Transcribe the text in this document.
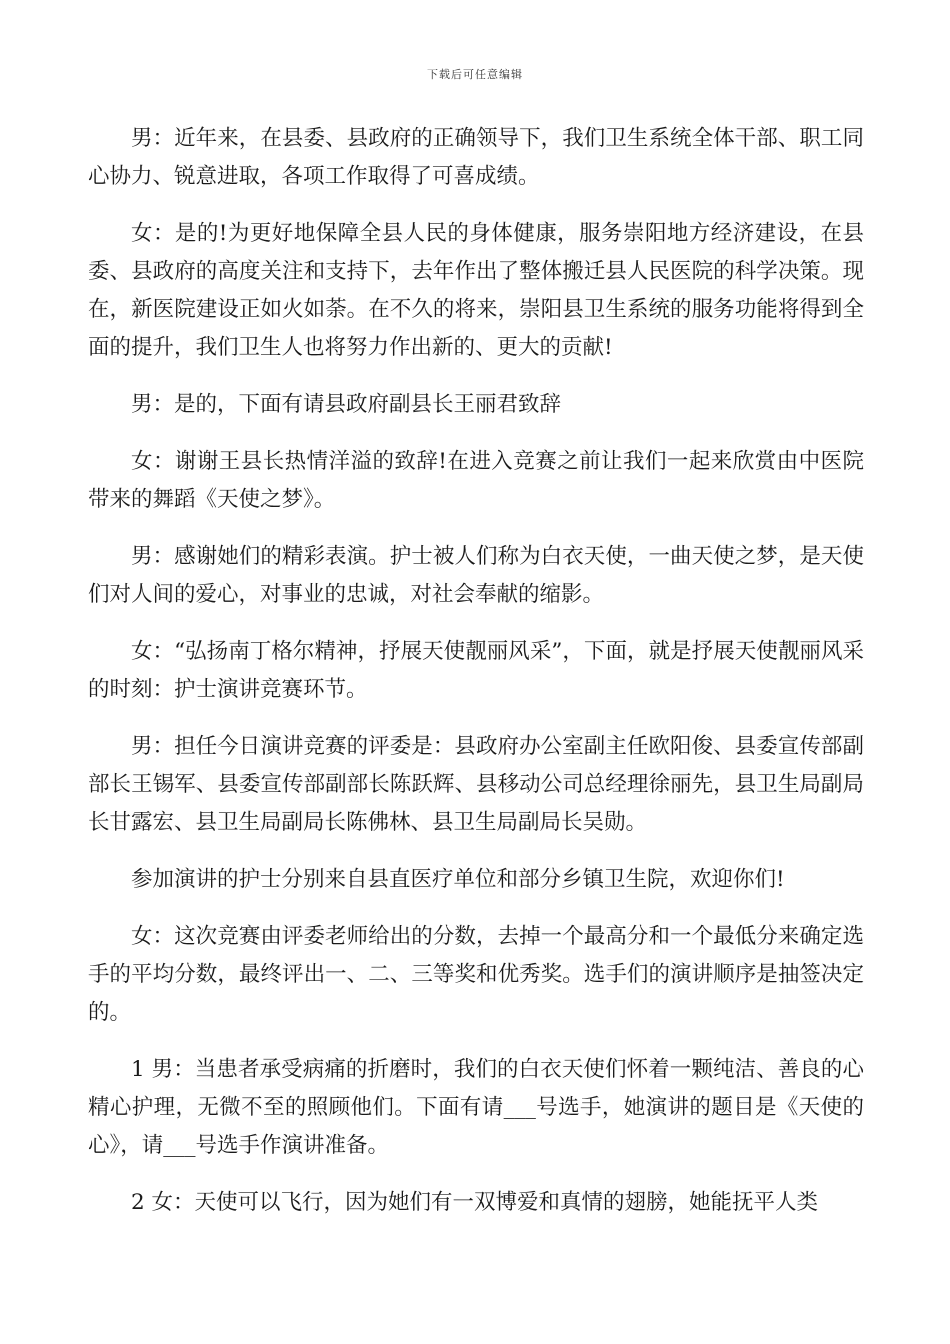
下载后可任意编辑

男：近年来，在县委、县政府的正确领导下，我们卫生系统全体干部、职工同心协力、锐意进取，各项工作取得了可喜成绩。

女：是的!为更好地保障全县人民的身体健康，服务崇阳地方经济建设，在县委、县政府的高度关注和支持下，去年作出了整体搬迁县人民医院的科学决策。现在，新医院建设正如火如荼。在不久的将来，崇阳县卫生系统的服务功能将得到全面的提升，我们卫生人也将努力作出新的、更大的贡献!

男：是的，下面有请县政府副县长王丽君致辞

女：谢谢王县长热情洋溢的致辞!在进入竞赛之前让我们一起来欣赏由中医院带来的舞蹈《天使之梦》。

男：感谢她们的精彩表演。护士被人们称为白衣天使，一曲天使之梦，是天使们对人间的爱心，对事业的忠诚，对社会奉献的缩影。

女：“弘扬南丁格尔精神，抒展天使靓丽风采”，下面，就是抒展天使靓丽风采的时刻：护士演讲竞赛环节。

男：担任今日演讲竞赛的评委是：县政府办公室副主任欧阳俊、县委宣传部副部长王锡军、县委宣传部副部长陈跃辉、县移动公司总经理徐丽先，县卫生局副局长甘露宏、县卫生局副局长陈佛林、县卫生局副局长吴勋。

参加演讲的护士分别来自县直医疗单位和部分乡镇卫生院，欢迎你们!

女：这次竞赛由评委老师给出的分数，去掉一个最高分和一个最低分来确定选手的平均分数，最终评出一、二、三等奖和优秀奖。选手们的演讲顺序是抽签决定的。

1 男：当患者承受病痛的折磨时，我们的白衣天使们怀着一颗纯洁、善良的心精心护理，无微不至的照顾他们。下面有请___号选手，她演讲的题目是《天使的心》，请___号选手作演讲准备。

2 女：天使可以飞行，因为她们有一双博爱和真情的翅膀，她能抚平人类
